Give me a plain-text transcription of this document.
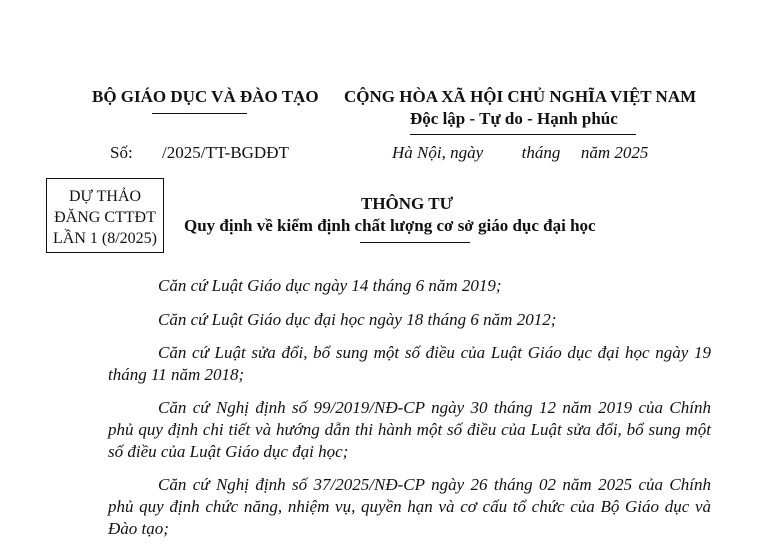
BỘ GIÁO DỤC VÀ ĐÀO TẠO CỘNG HÒA XÃ HỘI CHỦ NGHĨA VIỆT NAM
Độc lập - Tự do - Hạnh phúc
Số: /2025/TT-BGDĐT	Hà Nội, ngày tháng năm 2025
DỰ THẢO
ĐĂNG CTTĐT
LẦN 1 (8/2025)
THÔNG TƯ
Quy định về kiểm định chất lượng cơ sở giáo dục đại học
Căn cứ Luật Giáo dục ngày 14 tháng 6 năm 2019;
Căn cứ Luật Giáo dục đại học ngày 18 tháng 6 năm 2012;
Căn cứ Luật sửa đổi, bổ sung một số điều của Luật Giáo dục đại học ngày 19 tháng 11 năm 2018;
Căn cứ Nghị định số 99/2019/NĐ-CP ngày 30 tháng 12 năm 2019 của Chính phủ quy định chi tiết và hướng dẫn thi hành một số điều của Luật sửa đổi, bổ sung một số điều của Luật Giáo dục đại học;
Căn cứ Nghị định số 37/2025/NĐ-CP ngày 26 tháng 02 năm 2025 của Chính phủ quy định chức năng, nhiệm vụ, quyền hạn và cơ cấu tổ chức của Bộ Giáo dục và Đào tạo;
